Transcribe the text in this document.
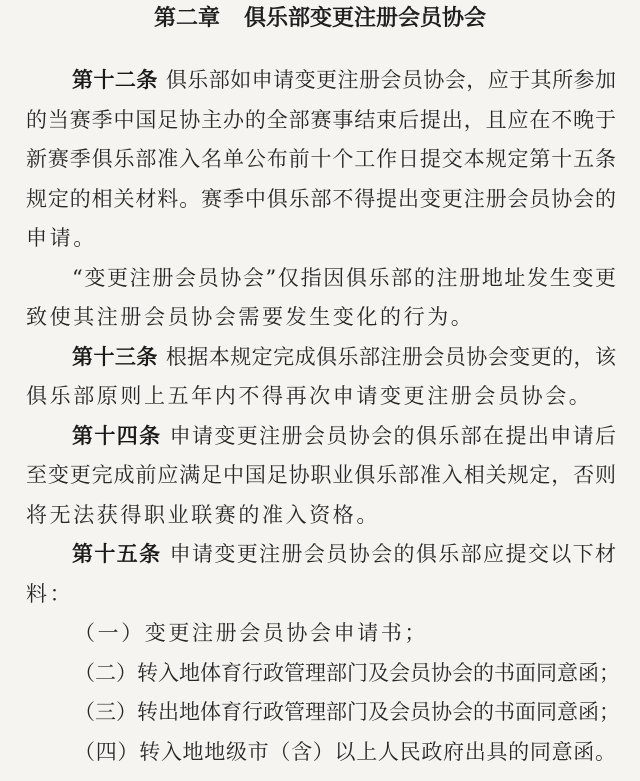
第二章 俱乐部变更注册会员协会
第十二条 俱乐部如申请变更注册会员协会，应于其所参加
的当赛季中国足协主办的全部赛事结束后提出，且应在不晚于
新赛季俱乐部准入名单公布前十个工作日提交本规定第十五条
规定的相关材料。赛季中俱乐部不得提出变更注册会员协会的
申请。
“变更注册会员协会”仅指因俱乐部的注册地址发生变更
致使其注册会员协会需要发生变化的行为。
第十三条 根据本规定完成俱乐部注册会员协会变更的，该
俱乐部原则上五年内不得再次申请变更注册会员协会。
第十四条 申请变更注册会员协会的俱乐部在提出申请后
至变更完成前应满足中国足协职业俱乐部准入相关规定，否则
将无法获得职业联赛的准入资格。
第十五条 申请变更注册会员协会的俱乐部应提交以下材
料：
（一）变更注册会员协会申请书；
（二）转入地体育行政管理部门及会员协会的书面同意函；
（三）转出地体育行政管理部门及会员协会的书面同意函；
（四）转入地地级市（含）以上人民政府出具的同意函。
